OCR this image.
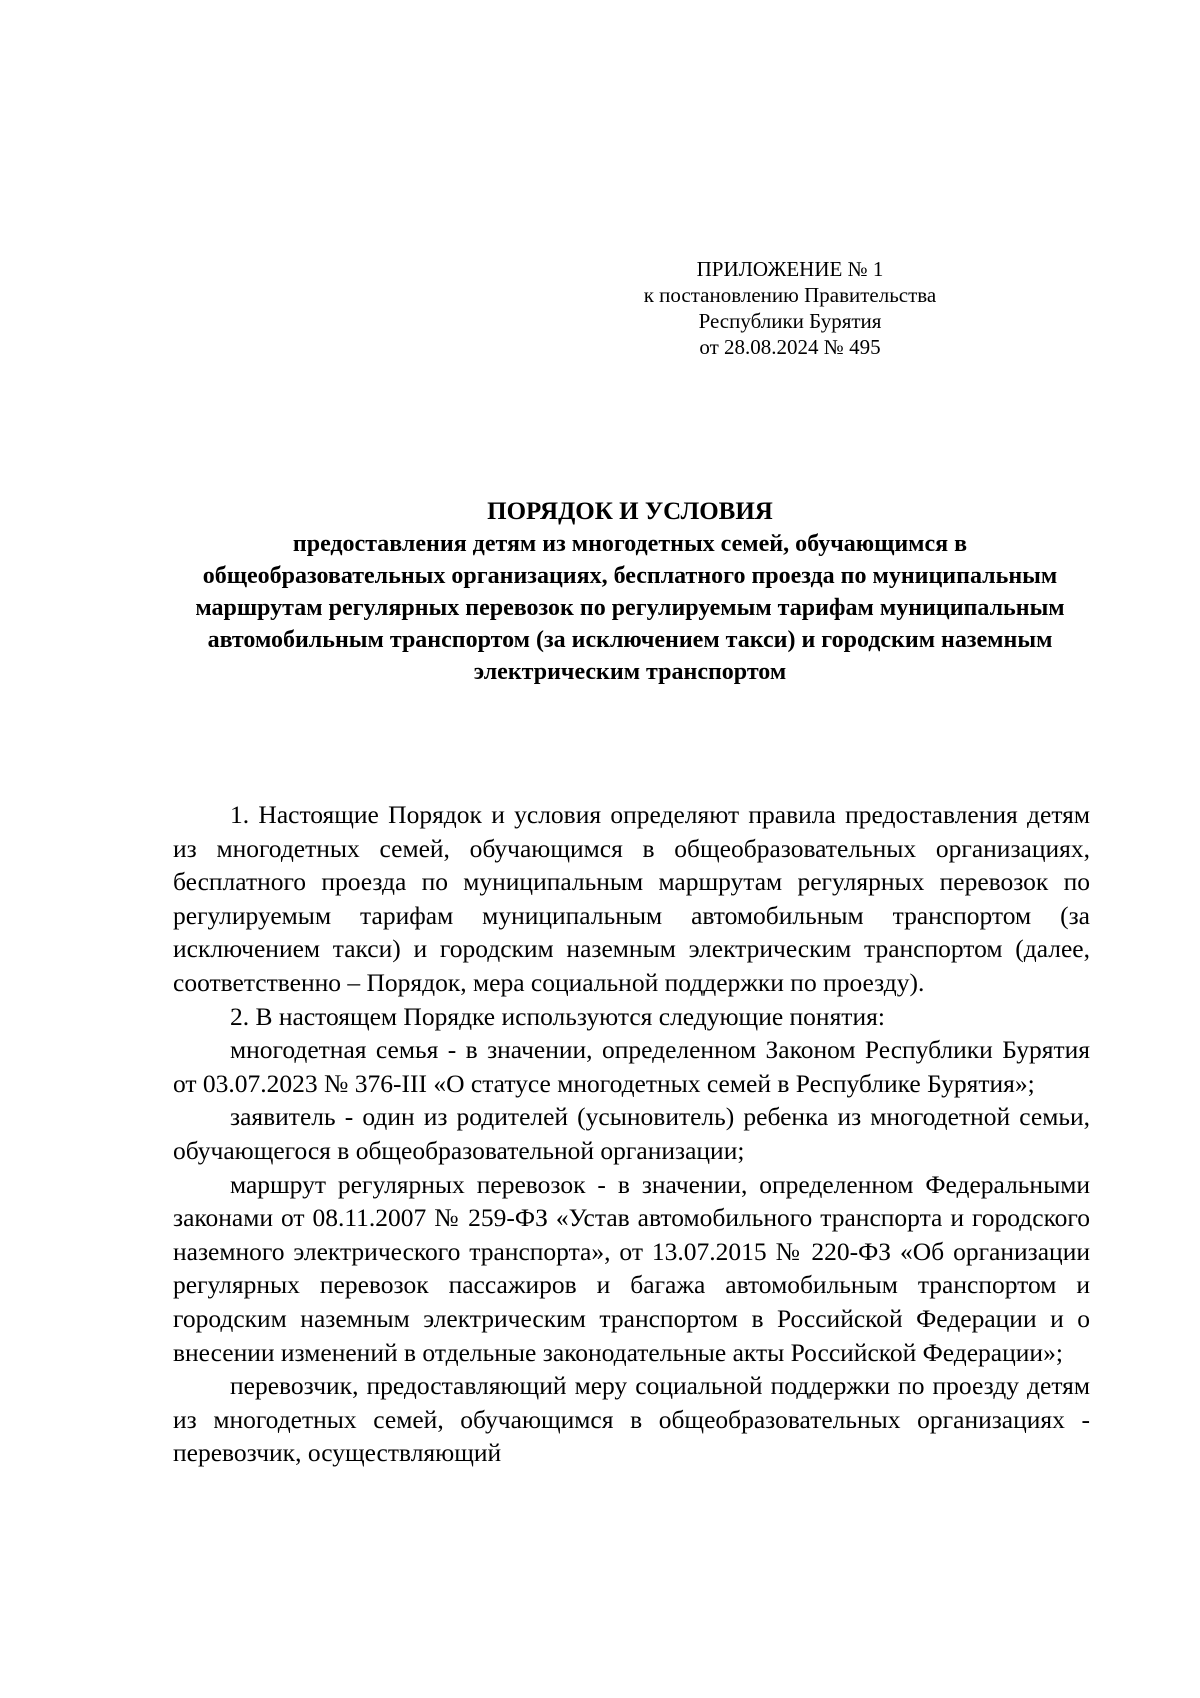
ПРИЛОЖЕНИЕ № 1
к постановлению Правительства
Республики Бурятия
от 28.08.2024 № 495
ПОРЯДОК И УСЛОВИЯ
предоставления детям из многодетных семей, обучающимся в общеобразовательных организациях, бесплатного проезда по муниципальным маршрутам регулярных перевозок по регулируемым тарифам муниципальным автомобильным транспортом (за исключением такси) и городским наземным электрическим транспортом

1. Настоящие Порядок и условия определяют правила предоставления детям из многодетных семей, обучающимся в общеобразовательных организациях, бесплатного проезда по муниципальным маршрутам регулярных перевозок по регулируемым тарифам муниципальным автомобильным транспортом (за исключением такси) и городским наземным электрическим транспортом (далее, соответственно – Порядок, мера социальной поддержки по проезду).

2. В настоящем Порядке используются следующие понятия:

многодетная семья - в значении, определенном Законом Республики Бурятия от 03.07.2023 № 376-III «О статусе многодетных семей в Республике Бурятия»;

заявитель - один из родителей (усыновитель) ребенка из многодетной семьи, обучающегося в общеобразовательной организации;

маршрут регулярных перевозок - в значении, определенном Федеральными законами от 08.11.2007 № 259-ФЗ «Устав автомобильного транспорта и городского наземного электрического транспорта», от 13.07.2015 № 220-ФЗ «Об организации регулярных перевозок пассажиров и багажа автомобильным транспортом и городским наземным электрическим транспортом в Российской Федерации и о внесении изменений в отдельные законодательные акты Российской Федерации»;

перевозчик, предоставляющий меру социальной поддержки по проезду детям из многодетных семей, обучающимся в общеобразовательных организациях - перевозчик, осуществляющий
